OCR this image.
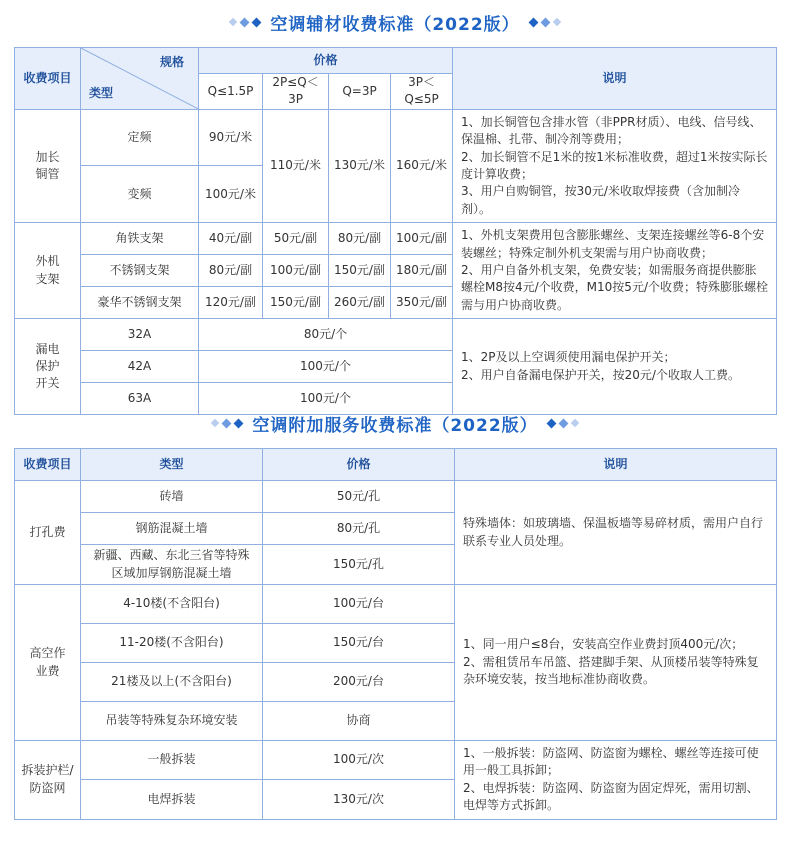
空调辅材收费标准（2022版）
收费项目	规格
类型	价格				说明
		Q≤1.5P	2P≤Q＜3P	Q=3P	3P＜Q≤5P	

加长铜管	定频	90元/米	110元/米	130元/米	160元/米	1、加长铜管包含排水管（非PPR材质）、电线、信号线、保温棉、扎带、制冷剂等费用；
2、加长铜管不足1米的按1米标准收费，超过1米按实际长度计算收费；
3、用户自购铜管，按30元/米收取焊接费（含加制冷剂）。
	变频	100元/米				

外机支架	角铁支架	40元/副	50元/副	80元/副	100元/副	1、外机支架费用包含膨胀螺丝、支架连接螺丝等6-8个安装螺丝；特殊定制外机支架需与用户协商收费；
2、用户自备外机支架，免费安装；如需服务商提供膨胀螺栓M8按4元/个收费，M10按5元/个收费；特殊膨胀螺栓需与用户协商收费。
	不锈钢支架	80元/副	100元/副	150元/副	180元/副	
	豪华不锈钢支架	120元/副	150元/副	260元/副	350元/副	

漏电保护开关	32A	80元/个				1、2P及以上空调须使用漏电保护开关；
2、用户自备漏电保护开关，按20元/个收取人工费。
	42A	100元/个				
	63A	100元/个				
空调附加服务收费标准（2022版）
收费项目	类型	价格	说明
打孔费	砖墙	50元/孔	特殊墙体：如玻璃墙、保温板墙等易碎材质，需用户自行联系专业人员处理。
	钢筋混凝土墙	80元/孔	
	新疆、西藏、东北三省等特殊区域加厚钢筋混凝土墙	150元/孔	

高空作业费	4-10楼(不含阳台)	100元/台	1、同一用户≤8台，安装高空作业费封顶400元/次；
2、需租赁吊车吊篮、搭建脚手架、从顶楼吊装等特殊复杂环境安装，按当地标准协商收费。
	11-20楼(不含阳台)	150元/台	
	21楼及以上(不含阳台)	200元/台	
	吊装等特殊复杂环境安装	协商	

拆装护栏/防盗网	一般拆装	100元/次	1、一般拆装：防盗网、防盗窗为螺栓、螺丝等连接可使用一般工具拆卸；
2、电焊拆装：防盗网、防盗窗为固定焊死，需用切割、电焊等方式拆卸。
	电焊拆装	130元/次	
